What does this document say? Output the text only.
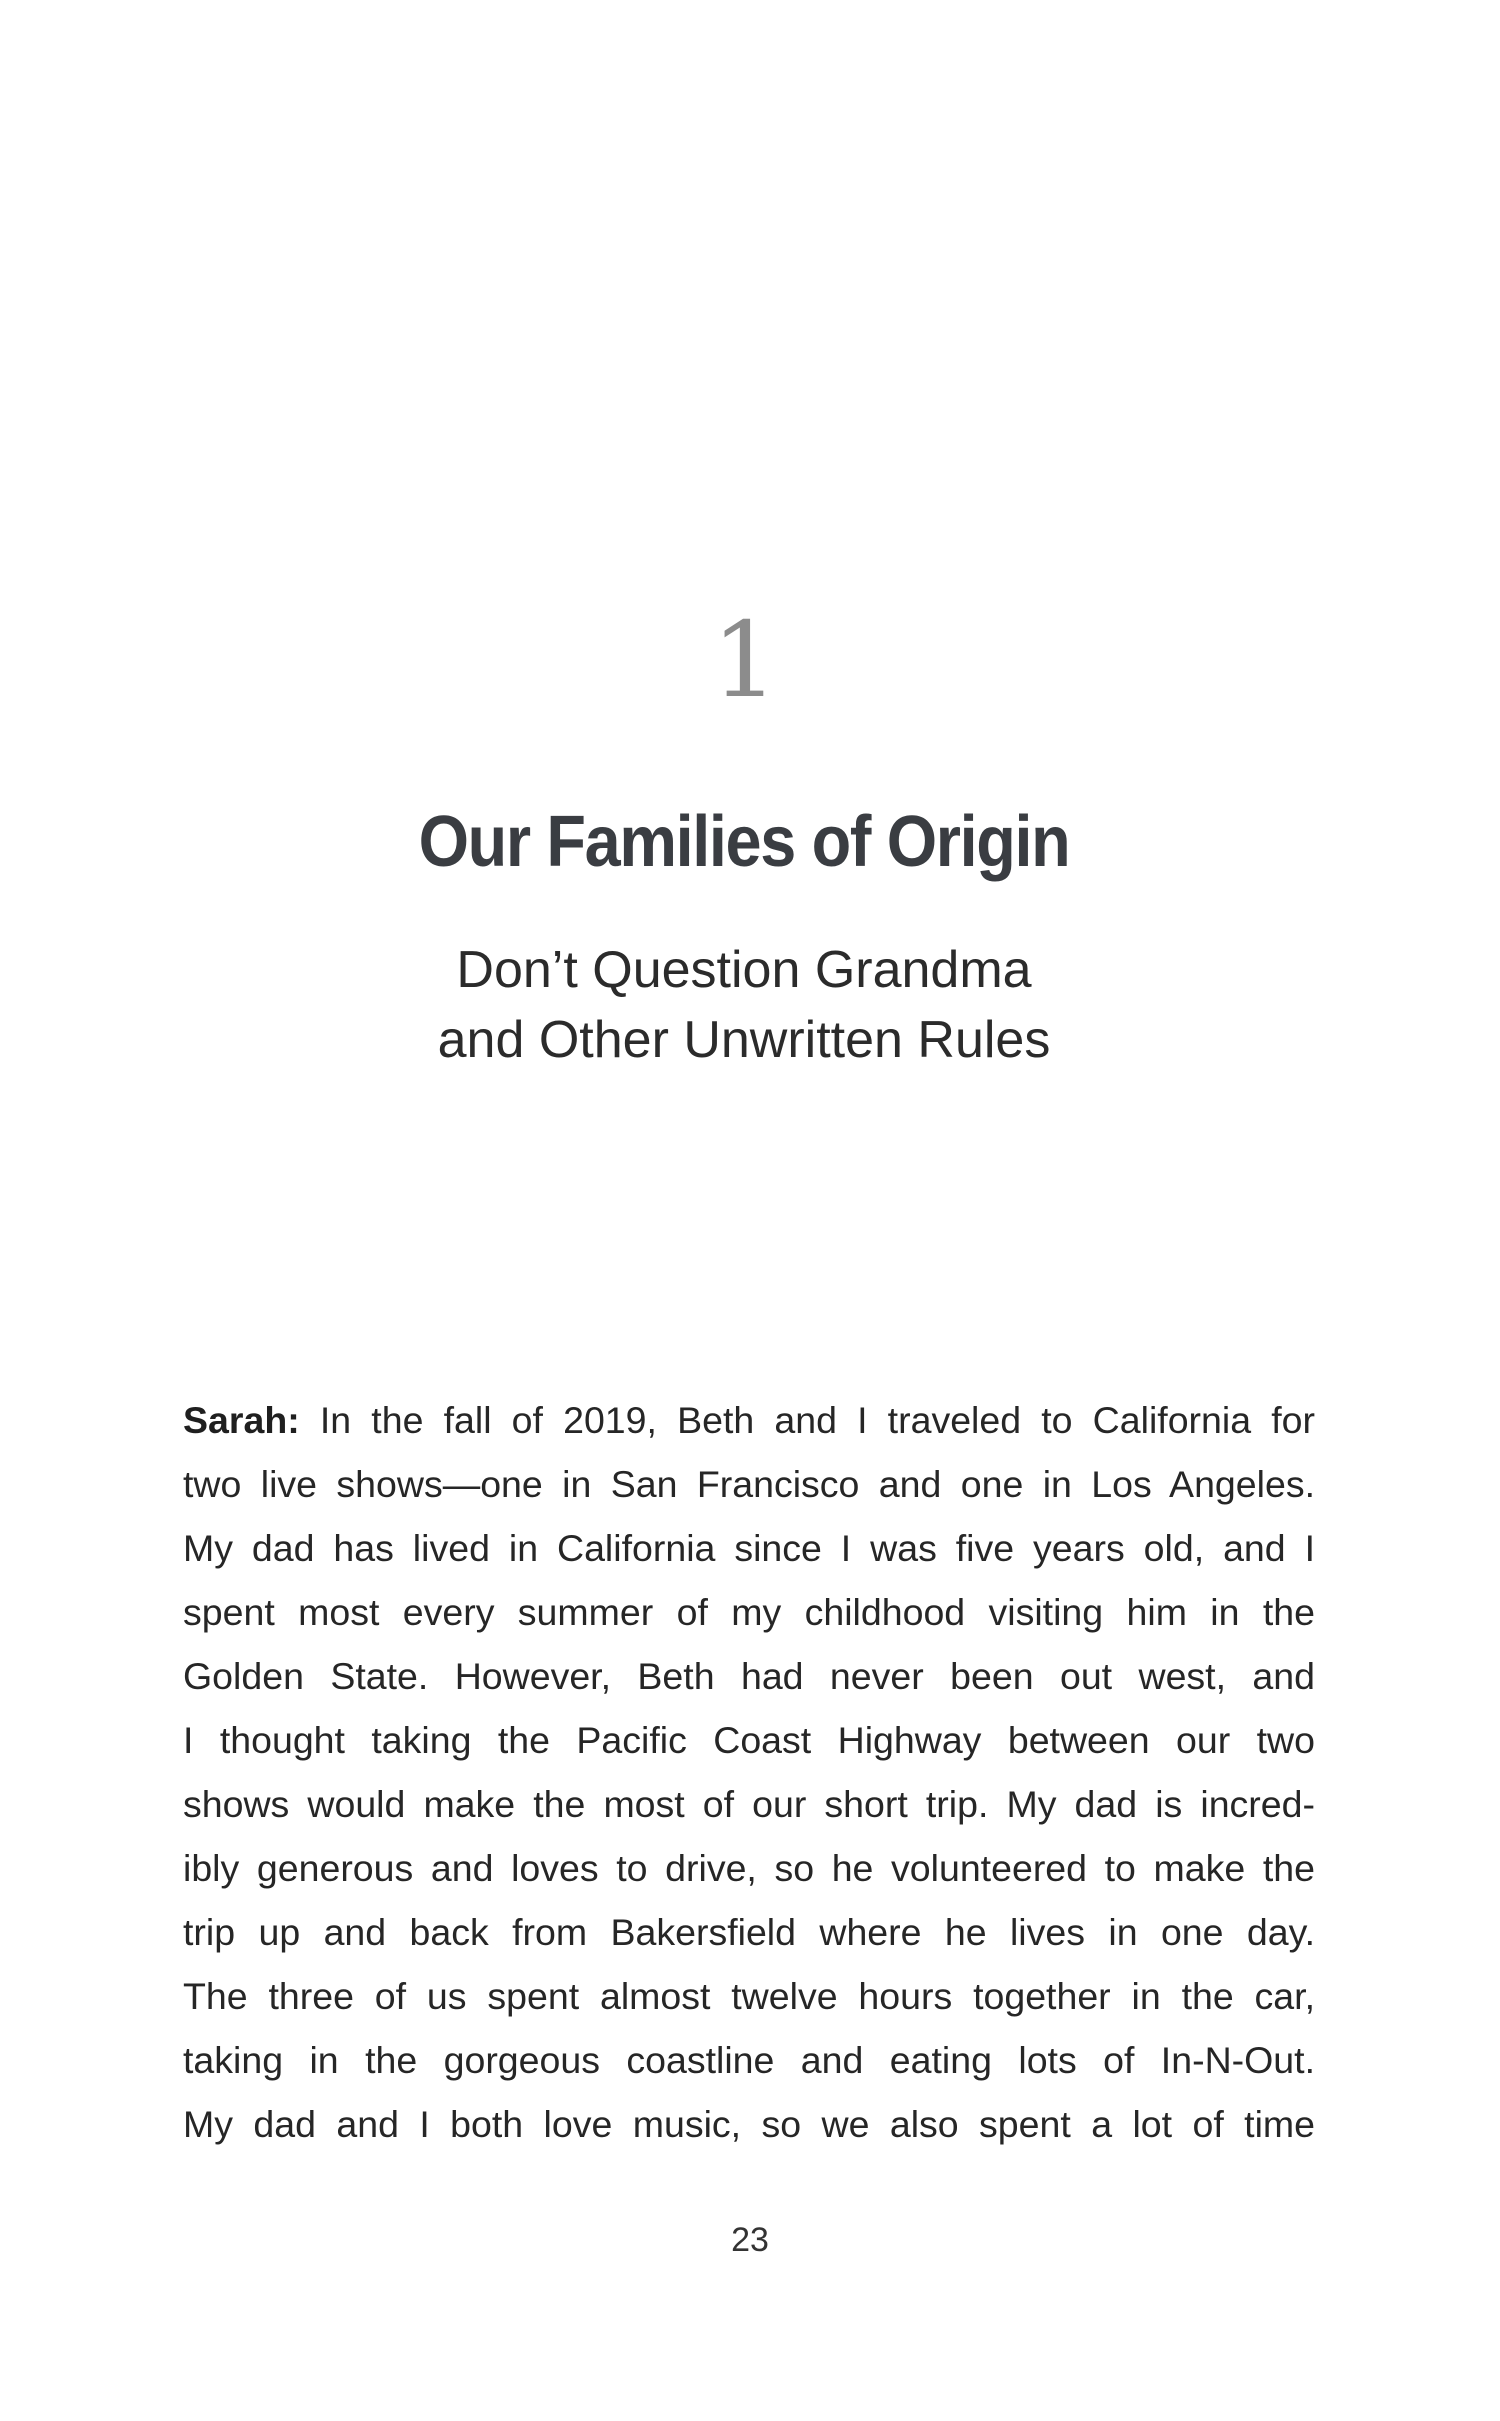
1
Our Families of Origin
Don’t Question Grandma
and Other Unwritten Rules
Sarah: In the fall of 2019, Beth and I traveled to California for
two live shows—one in San Francisco and one in Los Angeles.
My dad has lived in California since I was five years old, and I
spent most every summer of my childhood visiting him in the
Golden State. However, Beth had never been out west, and
I thought taking the Pacific Coast Highway between our two
shows would make the most of our short trip. My dad is incred-
ibly generous and loves to drive, so he volunteered to make the
trip up and back from Bakersfield where he lives in one day.
The three of us spent almost twelve hours together in the car,
taking in the gorgeous coastline and eating lots of In-N-Out.
My dad and I both love music, so we also spent a lot of time
23
